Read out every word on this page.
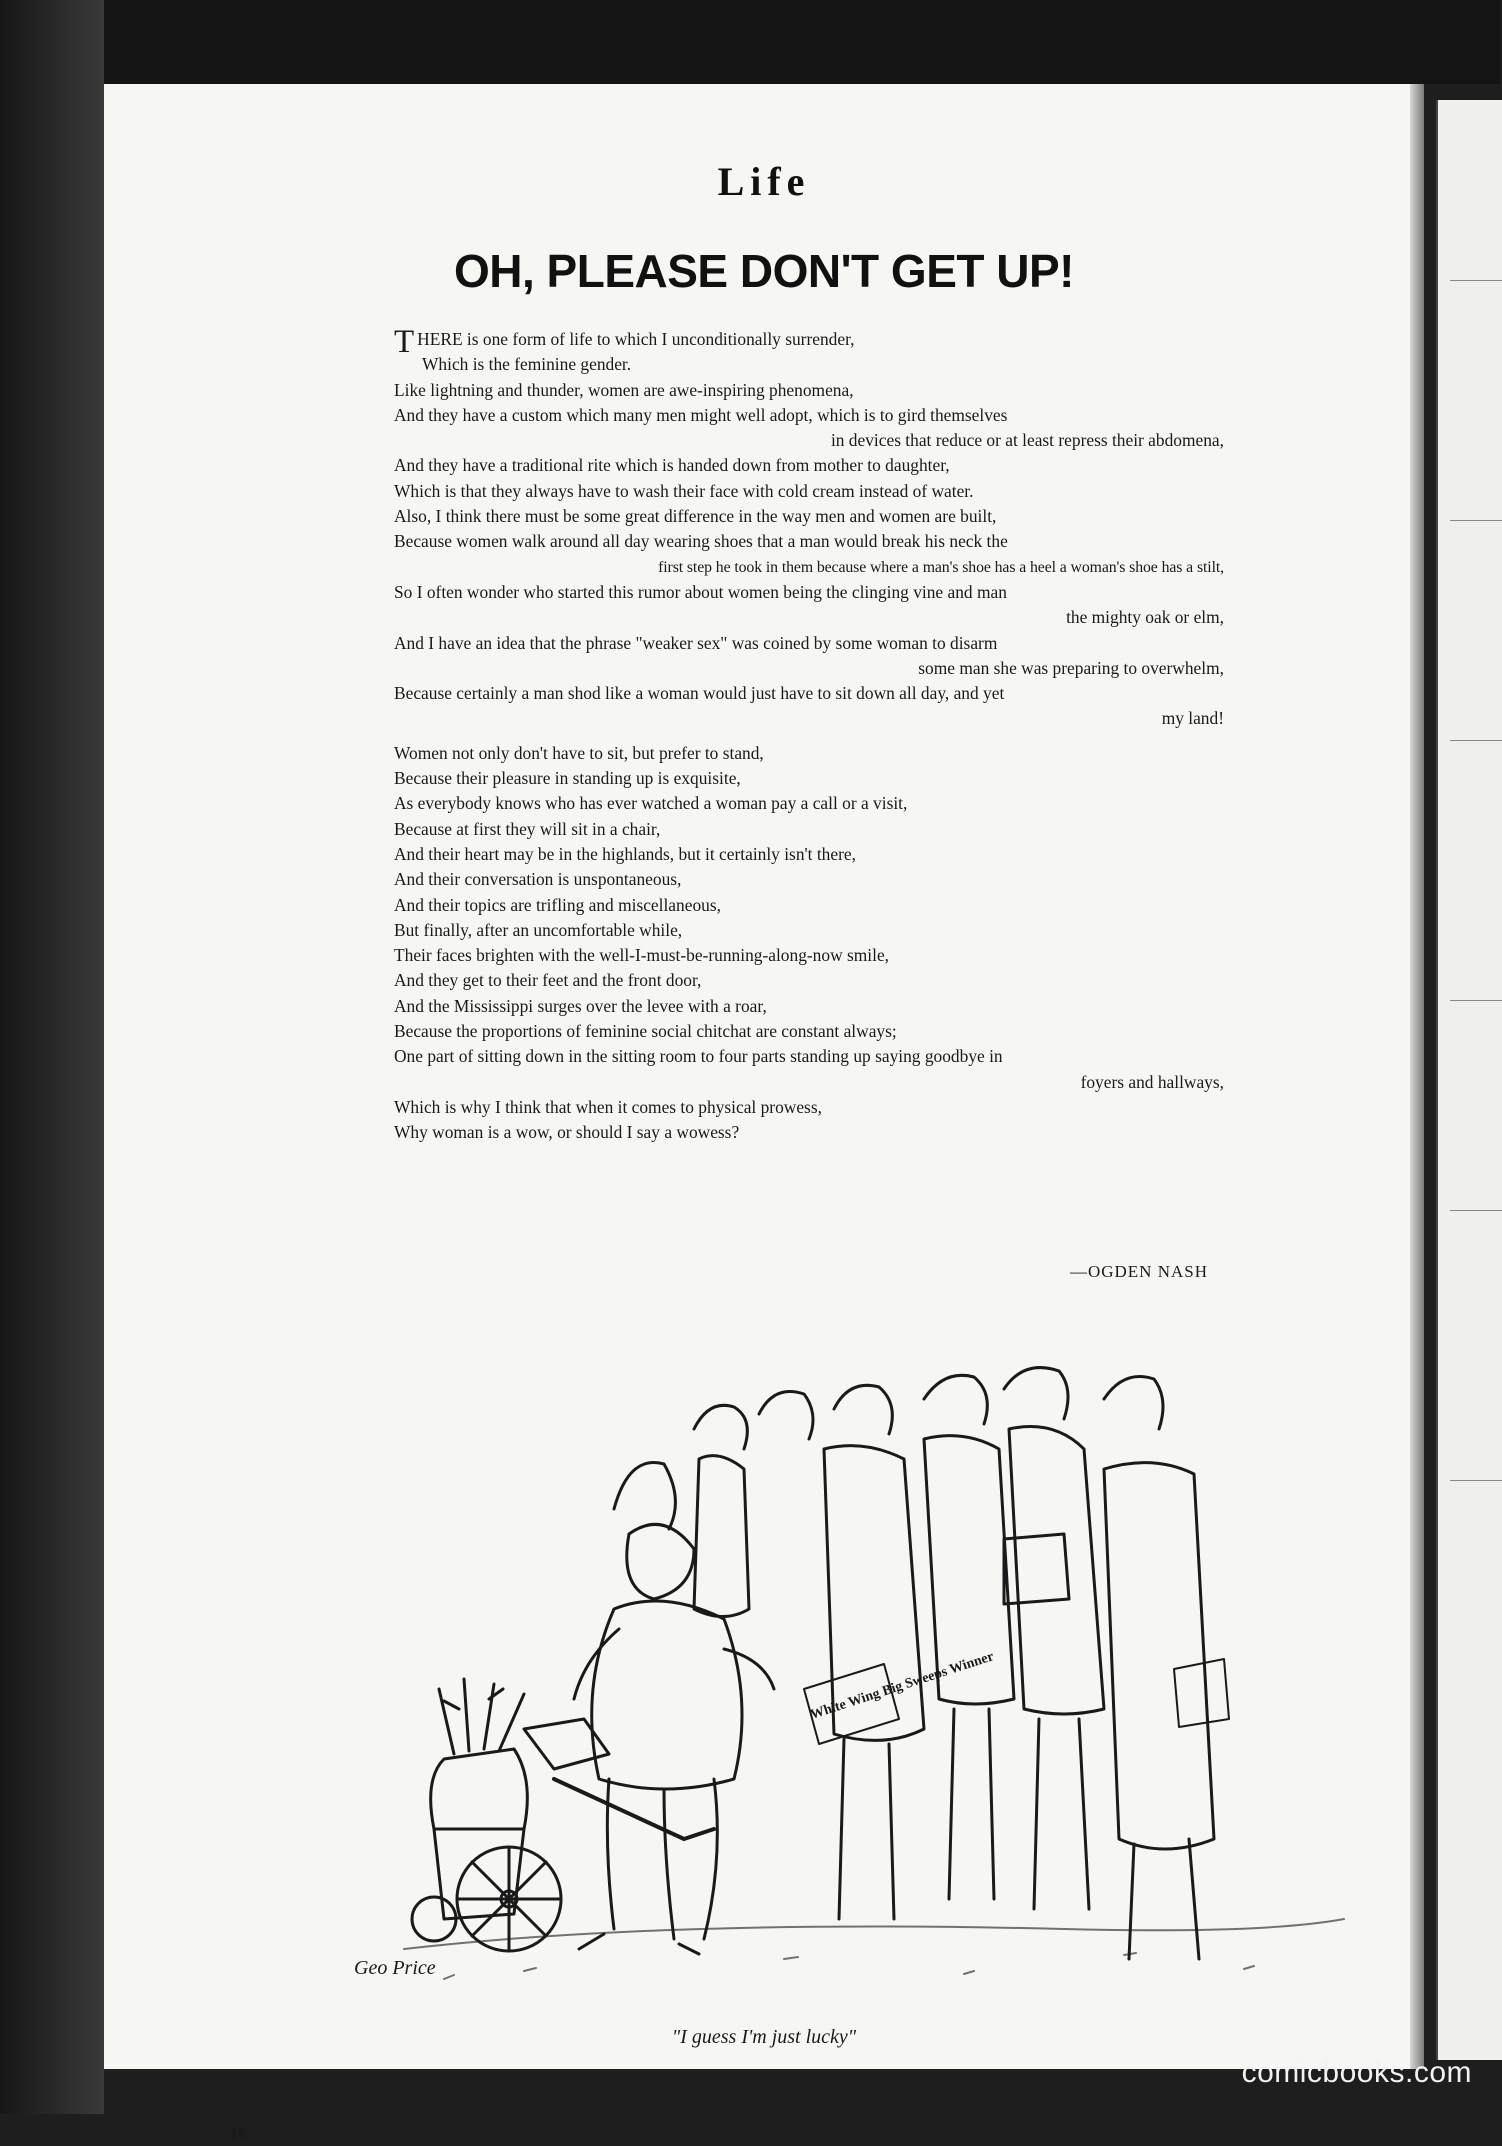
Life
OH, PLEASE DON'T GET UP!
THERE is one form of life to which I unconditionally surrender,
Which is the feminine gender.
Like lightning and thunder, women are awe-inspiring phenomena,
And they have a custom which many men might well adopt, which is to gird themselves
in devices that reduce or at least repress their abdomena,
And they have a traditional rite which is handed down from mother to daughter,
Which is that they always have to wash their face with cold cream instead of water.
Also, I think there must be some great difference in the way men and women are built,
Because women walk around all day wearing shoes that a man would break his neck the
first step he took in them because where a man's shoe has a heel a woman's shoe has a stilt,
So I often wonder who started this rumor about women being the clinging vine and man
the mighty oak or elm,
And I have an idea that the phrase "weaker sex" was coined by some woman to disarm
some man she was preparing to overwhelm,
Because certainly a man shod like a woman would just have to sit down all day, and yet
my land!
Women not only don't have to sit, but prefer to stand,
Because their pleasure in standing up is exquisite,
As everybody knows who has ever watched a woman pay a call or a visit,
Because at first they will sit in a chair,
And their heart may be in the highlands, but it certainly isn't there,
And their conversation is unspontaneous,
And their topics are trifling and miscellaneous,
But finally, after an uncomfortable while,
Their faces brighten with the well-I-must-be-running-along-now smile,
And they get to their feet and the front door,
And the Mississippi surges over the levee with a roar,
Because the proportions of feminine social chitchat are constant always;
One part of sitting down in the sitting room to four parts standing up saying goodbye in
foyers and hallways,
Which is why I think that when it comes to physical prowess,
Why woman is a wow, or should I say a wowess?
—OGDEN NASH
White Wing Big Sweeps Winner
Geo Price
"I guess I'm just lucky"
16
comicbooks.com
